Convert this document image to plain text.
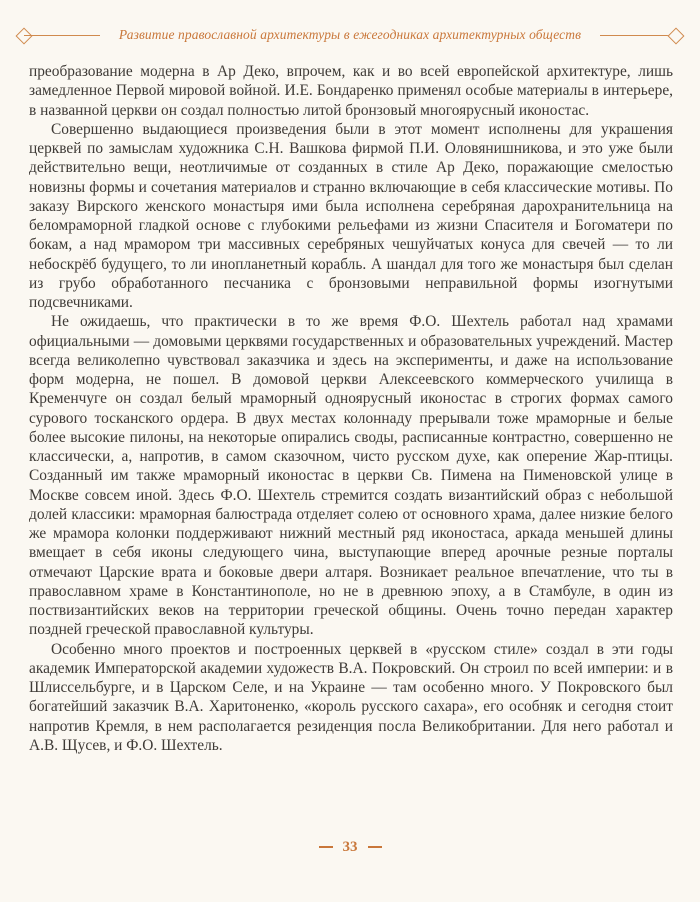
Развитие православной архитектуры в ежегодниках архитектурных обществ

преобразование модерна в Ар Деко, впрочем, как и во всей европейской архитектуре, лишь замедленное Первой мировой войной. И.Е. Бондаренко применял особые материалы в интерьере, в названной церкви он создал полностью литой бронзовый многоярусный иконостас.

Совершенно выдающиеся произведения были в этот момент исполнены для украшения церквей по замыслам художника С.Н. Вашкова фирмой П.И. Оловянишникова, и это уже были действительно вещи, неотличимые от созданных в стиле Ар Деко, поражающие смелостью новизны формы и сочетания материалов и странно включающие в себя классические мотивы. По заказу Вирского женского монастыря ими была исполнена серебряная дарохранительница на беломраморной гладкой основе с глубокими рельефами из жизни Спасителя и Богоматери по бокам, а над мрамором три массивных серебряных чешуйчатых конуса для свечей — то ли небоскрёб будущего, то ли инопланетный корабль. А шандал для того же монастыря был сделан из грубо обработанного песчаника с бронзовыми неправильной формы изогнутыми подсвечниками.

Не ожидаешь, что практически в то же время Ф.О. Шехтель работал над храмами официальными — домовыми церквями государственных и образовательных учреждений. Мастер всегда великолепно чувствовал заказчика и здесь на эксперименты, и даже на использование форм модерна, не пошел. В домовой церкви Алексеевского коммерческого училища в Кременчуге он создал белый мраморный одноярусный иконостас в строгих формах самого сурового тосканского ордера. В двух местах колоннаду прерывали тоже мраморные и белые более высокие пилоны, на некоторые опирались своды, расписанные контрастно, совершенно не классически, а, напротив, в самом сказочном, чисто русском духе, как оперение Жар-птицы. Созданный им также мраморный иконостас в церкви Св. Пимена на Пименовской улице в Москве совсем иной. Здесь Ф.О. Шехтель стремится создать византийский образ с небольшой долей классики: мраморная балюстрада отделяет солею от основного храма, далее низкие белого же мрамора колонки поддерживают нижний местный ряд иконостаса, аркада меньшей длины вмещает в себя иконы следующего чина, выступающие вперед арочные резные порталы отмечают Царские врата и боковые двери алтаря. Возникает реальное впечатление, что ты в православном храме в Константинополе, но не в древнюю эпоху, а в Стамбуле, в один из поствизантийских веков на территории греческой общины. Очень точно передан характер поздней греческой православной культуры.

Особенно много проектов и построенных церквей в «русском стиле» создал в эти годы академик Императорской академии художеств В.А. Покровский. Он строил по всей империи: и в Шлиссельбурге, и в Царском Селе, и на Украине — там особенно много. У Покровского был богатейший заказчик В.А. Харитоненко, «король русского сахара», его особняк и сегодня стоит напротив Кремля, в нем располагается резиденция посла Великобритании. Для него работал и А.В. Щусев, и Ф.О. Шехтель.

33
